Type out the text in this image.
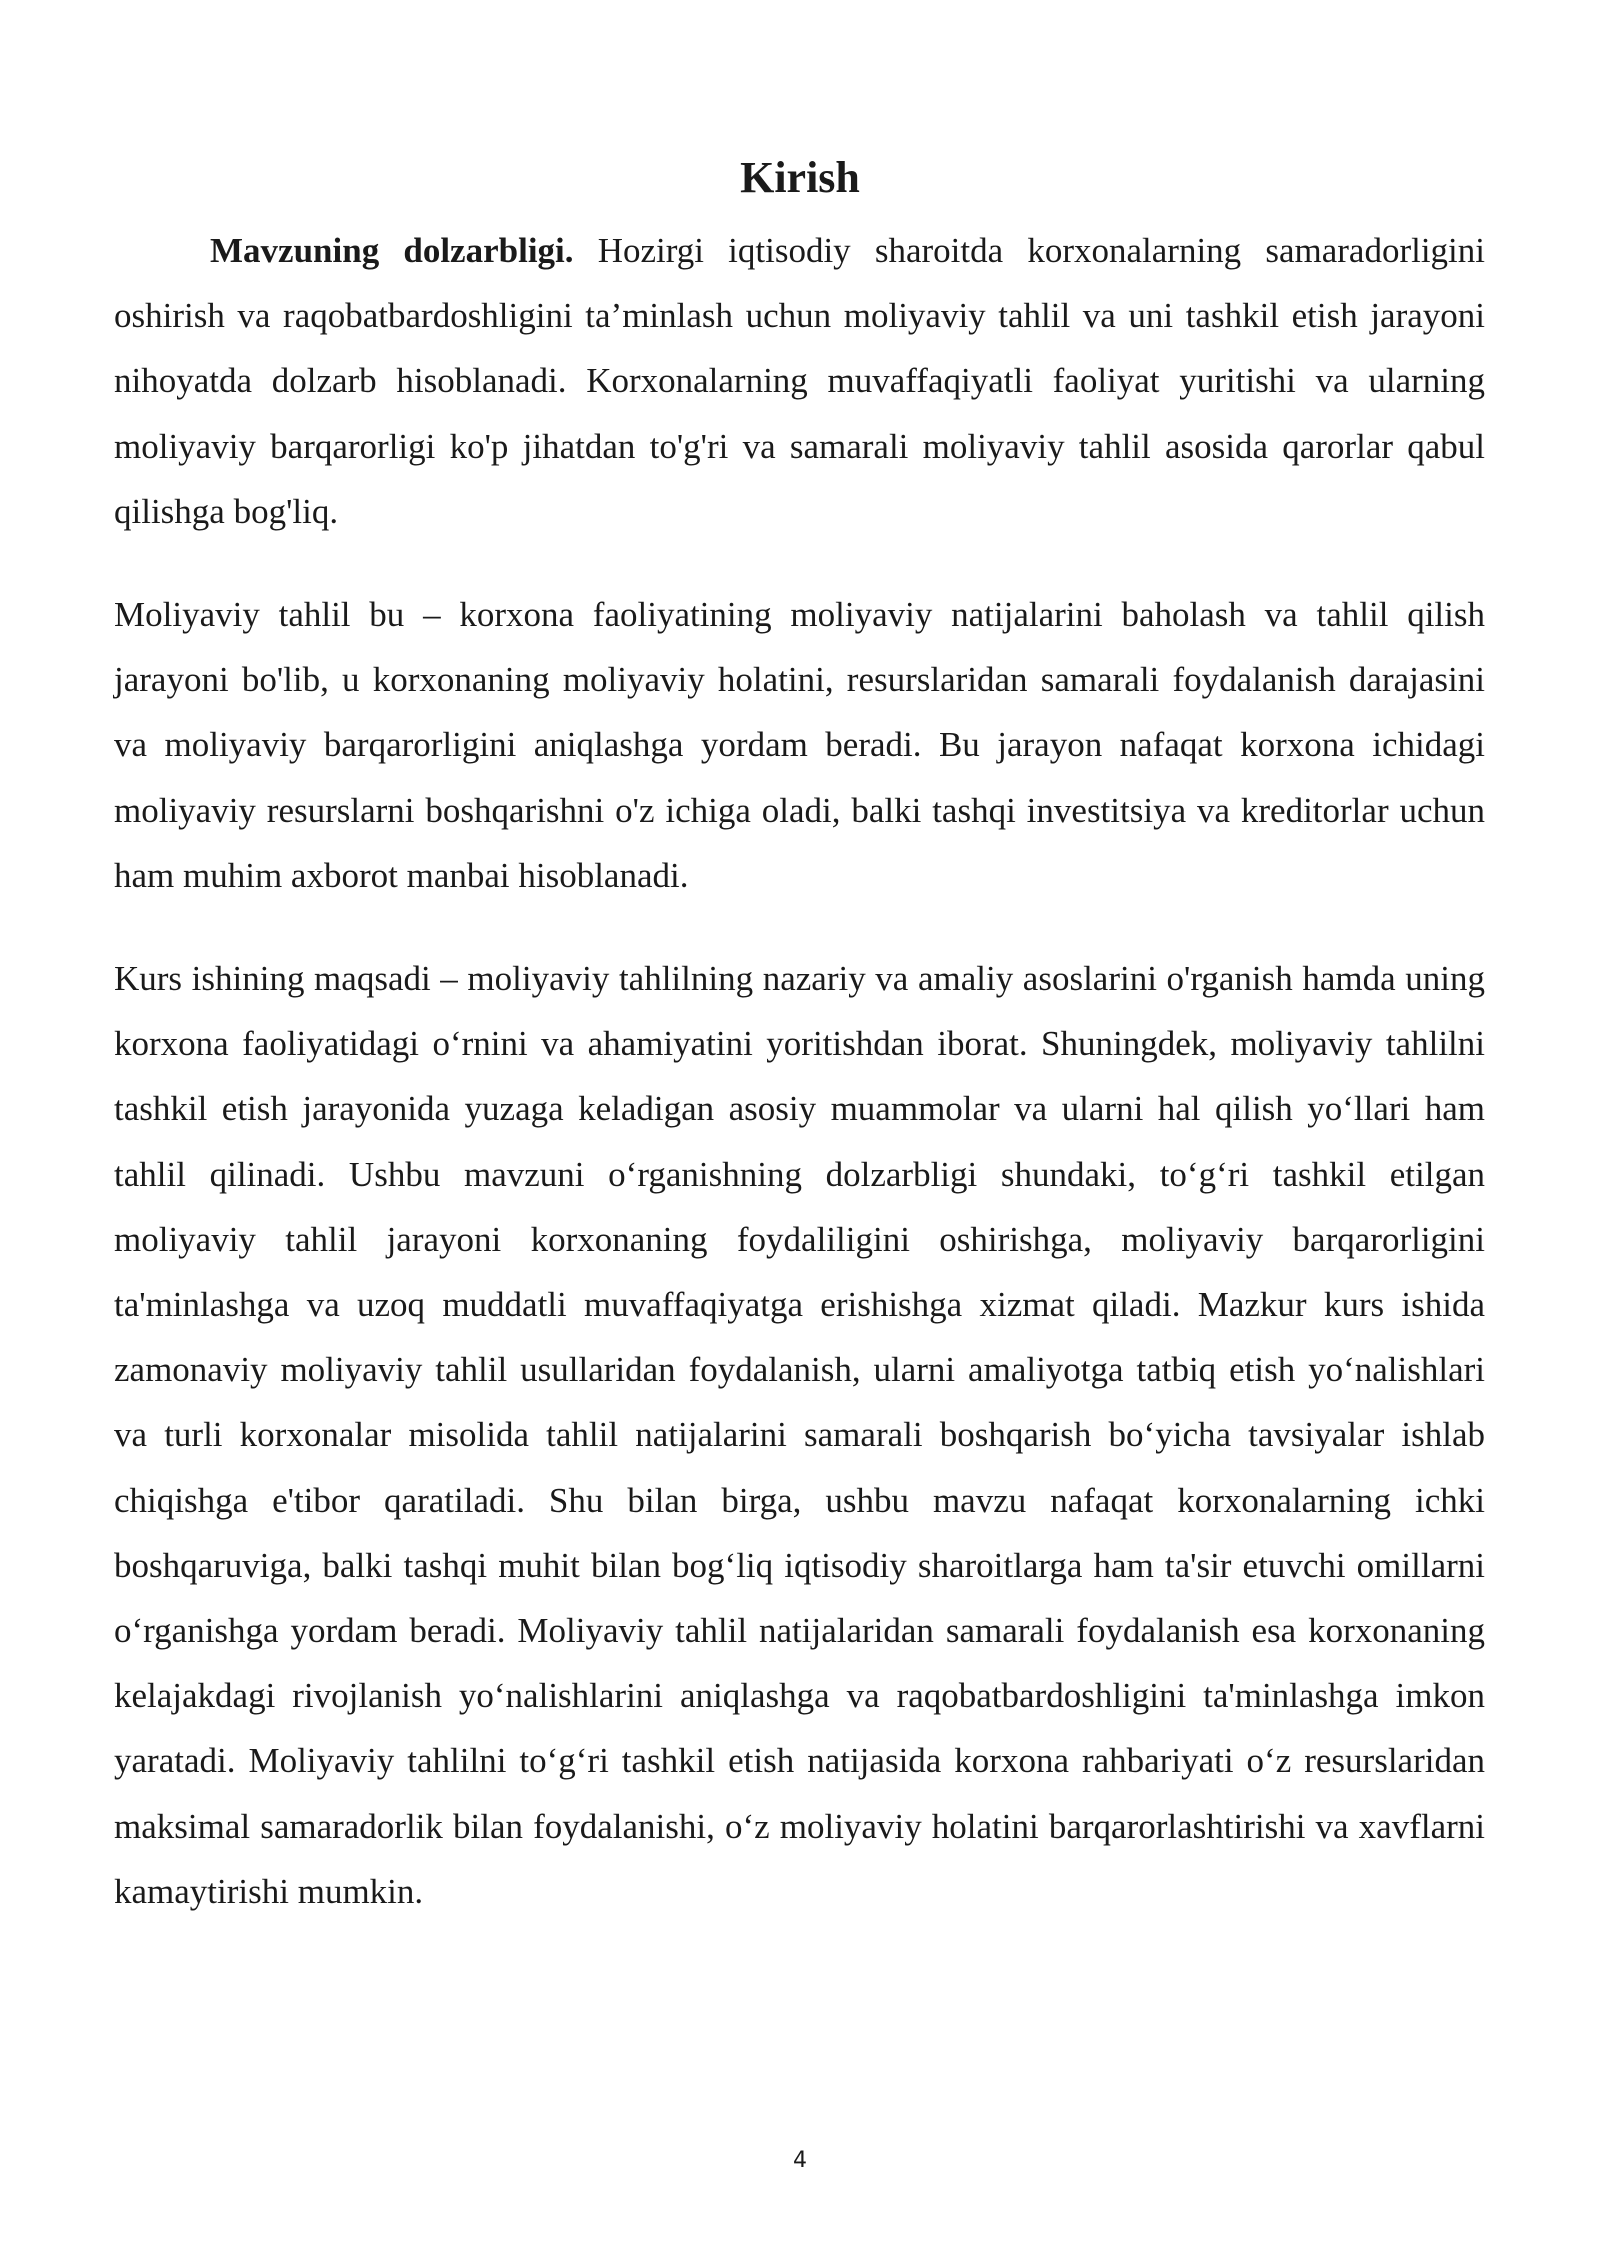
Kirish

Mavzuning dolzarbligi. Hozirgi iqtisodiy sharoitda korxonalarning samaradorligini oshirish va raqobatbardoshligini ta’minlash uchun moliyaviy tahlil va uni tashkil etish jarayoni nihoyatda dolzarb hisoblanadi. Korxonalarning muvaffaqiyatli faoliyat yuritishi va ularning moliyaviy barqarorligi ko'p jihatdan to'g'ri va samarali moliyaviy tahlil asosida qarorlar qabul qilishga bog'liq.

Moliyaviy tahlil bu – korxona faoliyatining moliyaviy natijalarini baholash va tahlil qilish jarayoni bo'lib, u korxonaning moliyaviy holatini, resurslaridan samarali foydalanish darajasini va moliyaviy barqarorligini aniqlashga yordam beradi. Bu jarayon nafaqat korxona ichidagi moliyaviy resurslarni boshqarishni o'z ichiga oladi, balki tashqi investitsiya va kreditorlar uchun ham muhim axborot manbai hisoblanadi.

Kurs ishining maqsadi – moliyaviy tahlilning nazariy va amaliy asoslarini o'rganish hamda uning korxona faoliyatidagi o‘rnini va ahamiyatini yoritishdan iborat. Shuningdek, moliyaviy tahlilni tashkil etish jarayonida yuzaga keladigan asosiy muammolar va ularni hal qilish yo‘llari ham tahlil qilinadi. Ushbu mavzuni o‘rganishning dolzarbligi shundaki, to‘g‘ri tashkil etilgan moliyaviy tahlil jarayoni korxonaning foydaliligini oshirishga, moliyaviy barqarorligini ta'minlashga va uzoq muddatli muvaffaqiyatga erishishga xizmat qiladi. Mazkur kurs ishida zamonaviy moliyaviy tahlil usullaridan foydalanish, ularni amaliyotga tatbiq etish yo‘nalishlari va turli korxonalar misolida tahlil natijalarini samarali boshqarish bo‘yicha tavsiyalar ishlab chiqishga e'tibor qaratiladi. Shu bilan birga, ushbu mavzu nafaqat korxonalarning ichki boshqaruviga, balki tashqi muhit bilan bog‘liq iqtisodiy sharoitlarga ham ta'sir etuvchi omillarni o‘rganishga yordam beradi. Moliyaviy tahlil natijalaridan samarali foydalanish esa korxonaning kelajakdagi rivojlanish yo‘nalishlarini aniqlashga va raqobatbardoshligini ta'minlashga imkon yaratadi. Moliyaviy tahlilni to‘g‘ri tashkil etish natijasida korxona rahbariyati o‘z resurslaridan maksimal samaradorlik bilan foydalanishi, o‘z moliyaviy holatini barqarorlashtirishi va xavflarni kamaytirishi mumkin.

4
